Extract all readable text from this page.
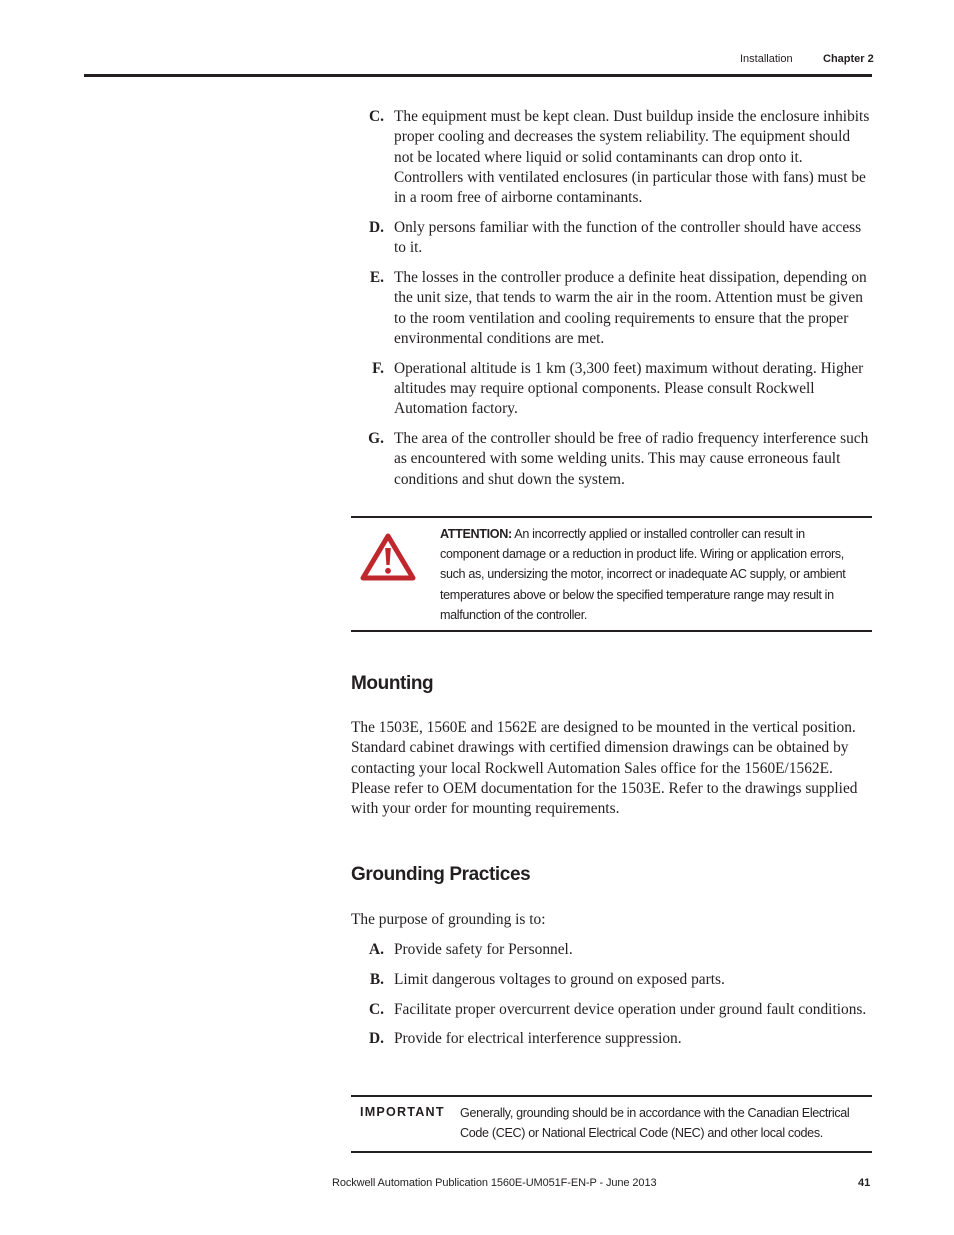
Installation	Chapter 2
C. The equipment must be kept clean. Dust buildup inside the enclosure inhibits proper cooling and decreases the system reliability. The equipment should not be located where liquid or solid contaminants can drop onto it. Controllers with ventilated enclosures (in particular those with fans) must be in a room free of airborne contaminants.
D. Only persons familiar with the function of the controller should have access to it.
E. The losses in the controller produce a definite heat dissipation, depending on the unit size, that tends to warm the air in the room. Attention must be given to the room ventilation and cooling requirements to ensure that the proper environmental conditions are met.
F. Operational altitude is 1 km (3,300 feet) maximum without derating. Higher altitudes may require optional components. Please consult Rockwell Automation factory.
G. The area of the controller should be free of radio frequency interference such as encountered with some welding units. This may cause erroneous fault conditions and shut down the system.
ATTENTION: An incorrectly applied or installed controller can result in component damage or a reduction in product life. Wiring or application errors, such as, undersizing the motor, incorrect or inadequate AC supply, or ambient temperatures above or below the specified temperature range may result in malfunction of the controller.
Mounting

The 1503E, 1560E and 1562E are designed to be mounted in the vertical position. Standard cabinet drawings with certified dimension drawings can be obtained by contacting your local Rockwell Automation Sales office for the 1560E/1562E. Please refer to OEM documentation for the 1503E. Refer to the drawings supplied with your order for mounting requirements.

Grounding Practices

The purpose of grounding is to:

A. Provide safety for Personnel.
B. Limit dangerous voltages to ground on exposed parts.
C. Facilitate proper overcurrent device operation under ground fault conditions.
D. Provide for electrical interference suppression.
IMPORTANT Generally, grounding should be in accordance with the Canadian Electrical Code (CEC) or National Electrical Code (NEC) and other local codes.
Rockwell Automation Publication 1560E-UM051F-EN-P - June 2013	41
